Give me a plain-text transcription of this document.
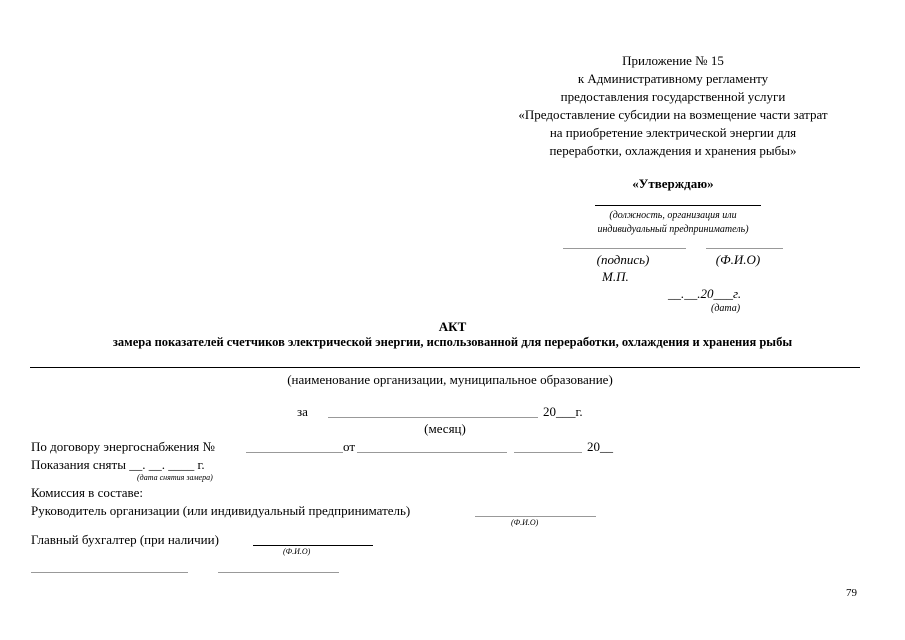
Приложение № 15
к Административному регламенту
предоставления государственной услуги
«Предоставление субсидии на возмещение части затрат
на приобретение электрической энергии для
переработки, охлаждения и хранения рыбы»
«Утверждаю»
(должность, организация или
индивидуальный предприниматель)
(подпись)	(Ф.И.О)
М.П.
__.__.20___г.
(дата)
АКТ
замера показателей счетчиков электрической энергии, использованной для переработки, охлаждения и хранения рыбы
(наименование организации, муниципальное образование)
за	20___г.
(месяц)
По договору энергоснабжения №	от	20__
Показания сняты __. __. ____ г.
(дата снятия замера)
Комиссия в составе:
Руководитель организации (или индивидуальный предприниматель)
(Ф.И.О)
Главный бухгалтер (при наличии)
(Ф.И.О)
79
